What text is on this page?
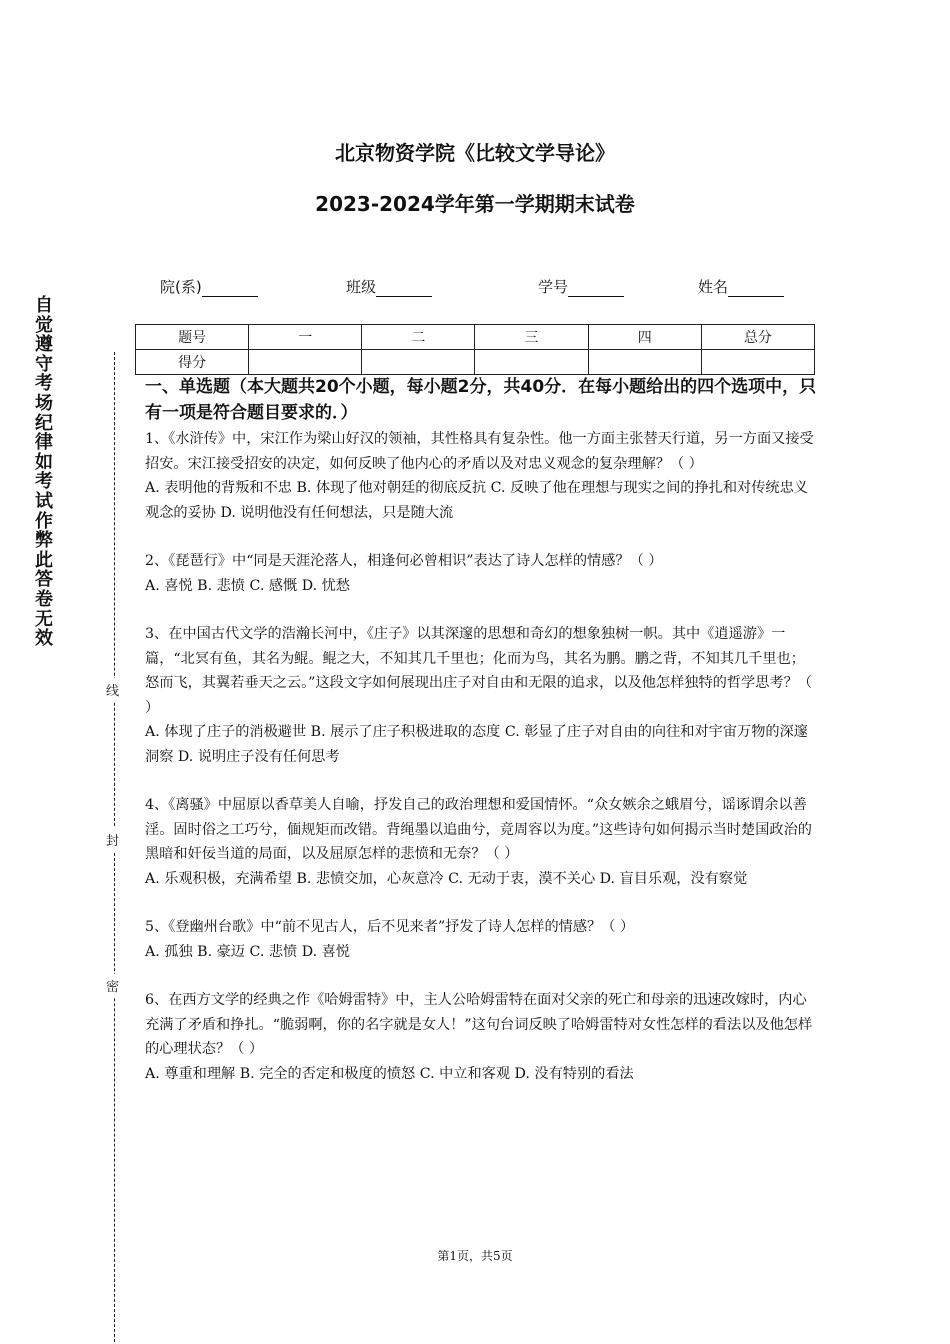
北京物资学院《比较文学导论》
2023-2024学年第一学期期末试卷
院(系)	班级	学号	姓名
题号	一	二	三	四	总分
得分					
自觉遵守考场纪律如考试作弊此答卷无效
线
封
密
一、单选题（本大题共20个小题，每小题2分，共40分．在每小题给出的四个选项中，只有一项是符合题目要求的．）

1、《水浒传》中，宋江作为梁山好汉的领袖，其性格具有复杂性。他一方面主张替天行道，另一方面又接受招安。宋江接受招安的决定，如何反映了他内心的矛盾以及对忠义观念的复杂理解？（ ）

A. 表明他的背叛和不忠 B. 体现了他对朝廷的彻底反抗 C. 反映了他在理想与现实之间的挣扎和对传统忠义观念的妥协 D. 说明他没有任何想法，只是随大流

2、《琵琶行》中“同是天涯沦落人，相逢何必曾相识”表达了诗人怎样的情感？（ ）

A. 喜悦 B. 悲愤 C. 感慨 D. 忧愁

3、在中国古代文学的浩瀚长河中，《庄子》以其深邃的思想和奇幻的想象独树一帜。其中《逍遥游》一篇，“北冥有鱼，其名为鲲。鲲之大，不知其几千里也；化而为鸟，其名为鹏。鹏之背，不知其几千里也；怒而飞，其翼若垂天之云。”这段文字如何展现出庄子对自由和无限的追求，以及他怎样独特的哲学思考？（ ）

A. 体现了庄子的消极避世 B. 展示了庄子积极进取的态度 C. 彰显了庄子对自由的向往和对宇宙万物的深邃洞察 D. 说明庄子没有任何思考

4、《离骚》中屈原以香草美人自喻，抒发自己的政治理想和爱国情怀。“众女嫉余之蛾眉兮，谣诼谓余以善淫。固时俗之工巧兮，偭规矩而改错。背绳墨以追曲兮，竞周容以为度。”这些诗句如何揭示当时楚国政治的黑暗和奸佞当道的局面，以及屈原怎样的悲愤和无奈？（ ）

A. 乐观积极，充满希望 B. 悲愤交加，心灰意冷 C. 无动于衷，漠不关心 D. 盲目乐观，没有察觉

5、《登幽州台歌》中“前不见古人，后不见来者”抒发了诗人怎样的情感？（ ）

A. 孤独 B. 豪迈 C. 悲愤 D. 喜悦

6、在西方文学的经典之作《哈姆雷特》中，主人公哈姆雷特在面对父亲的死亡和母亲的迅速改嫁时，内心充满了矛盾和挣扎。“脆弱啊，你的名字就是女人！”这句台词反映了哈姆雷特对女性怎样的看法以及他怎样的心理状态？（ ）

A. 尊重和理解 B. 完全的否定和极度的愤怒 C. 中立和客观 D. 没有特别的看法

第1页，共5页
